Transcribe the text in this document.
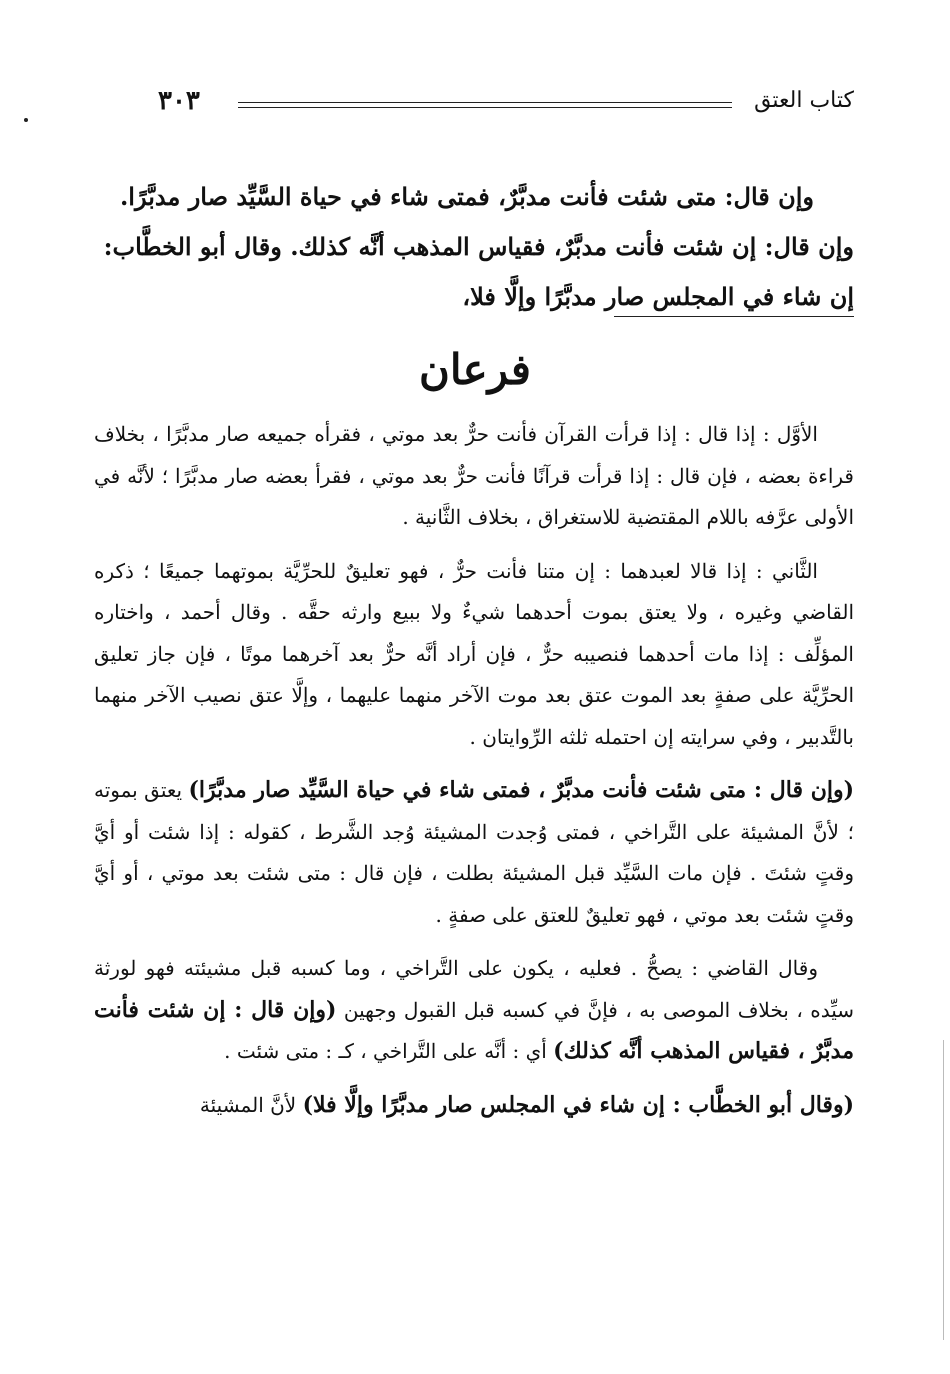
كتاب العتق
٣٠٣

وإن قال: متى شئت فأنت مدبَّرٌ، فمتى شاء في حياة السَّيِّد صار مدبَّرًا.

وإن قال: إن شئت فأنت مدبَّرٌ، فقياس المذهب أنَّه كذلك. وقال أبو الخطَّاب:

إن شاء في المجلس صار مدبَّرًا وإلَّا فلا،

فرعان

الأوَّل : إذا قال : إذا قرأت القرآن فأنت حرٌّ بعد موتي ، فقرأه جميعه صار مدبَّرًا ، بخلاف قراءة بعضه ، فإن قال : إذا قرأت قرآنًا فأنت حرٌّ بعد موتي ، فقرأ بعضه صار مدبَّرًا ؛ لأنَّه في الأولى عرَّفه باللام المقتضية للاستغراق ، بخلاف الثَّانية .

الثَّاني : إذا قالا لعبدهما : إن متنا فأنت حرٌّ ، فهو تعليقٌ للحرِّيَّة بموتهما جميعًا ؛ ذكره القاضي وغيره ، ولا يعتق بموت أحدهما شيءٌ ولا ببيع وارثه حقَّه . وقال أحمد ، واختاره المؤلِّف : إذا مات أحدهما فنصيبه حرٌّ ، فإن أراد أنَّه حرٌّ بعد آخرهما موتًا ، فإن جاز تعليق الحرِّيَّة على صفةٍ بعد الموت عتق بعد موت الآخر منهما عليهما ، وإلَّا عتق نصيب الآخر منهما بالتَّدبير ، وفي سرايته إن احتمله ثلثه الرِّوايتان .

(وإن قال : متى شئت فأنت مدبَّرٌ ، فمتى شاء في حياة السَّيِّد صار مدبَّرًا) يعتق بموته ؛ لأنَّ المشيئة على التَّراخي ، فمتى وُجدت المشيئة وُجد الشَّرط ، كقوله : إذا شئت أو أيَّ وقتٍ شئتَ . فإن مات السَّيِّد قبل المشيئة بطلت ، فإن قال : متى شئت بعد موتي ، أو أيَّ وقتٍ شئت بعد موتي ، فهو تعليقٌ للعتق على صفةٍ .

وقال القاضي : يصحُّ . فعليه ، يكون على التَّراخي ، وما كسبه قبل مشيئته فهو لورثة سيِّده ، بخلاف الموصى به ، فإنَّ في كسبه قبل القبول وجهين (وإن قال : إن شئت فأنت مدبَّرٌ ، فقياس المذهب أنَّه كذلك) أي : أنَّه على التَّراخي ، كـ : متى شئت .

(وقال أبو الخطَّاب : إن شاء في المجلس صار مدبَّرًا وإلَّا فلا) لأنَّ المشيئة
